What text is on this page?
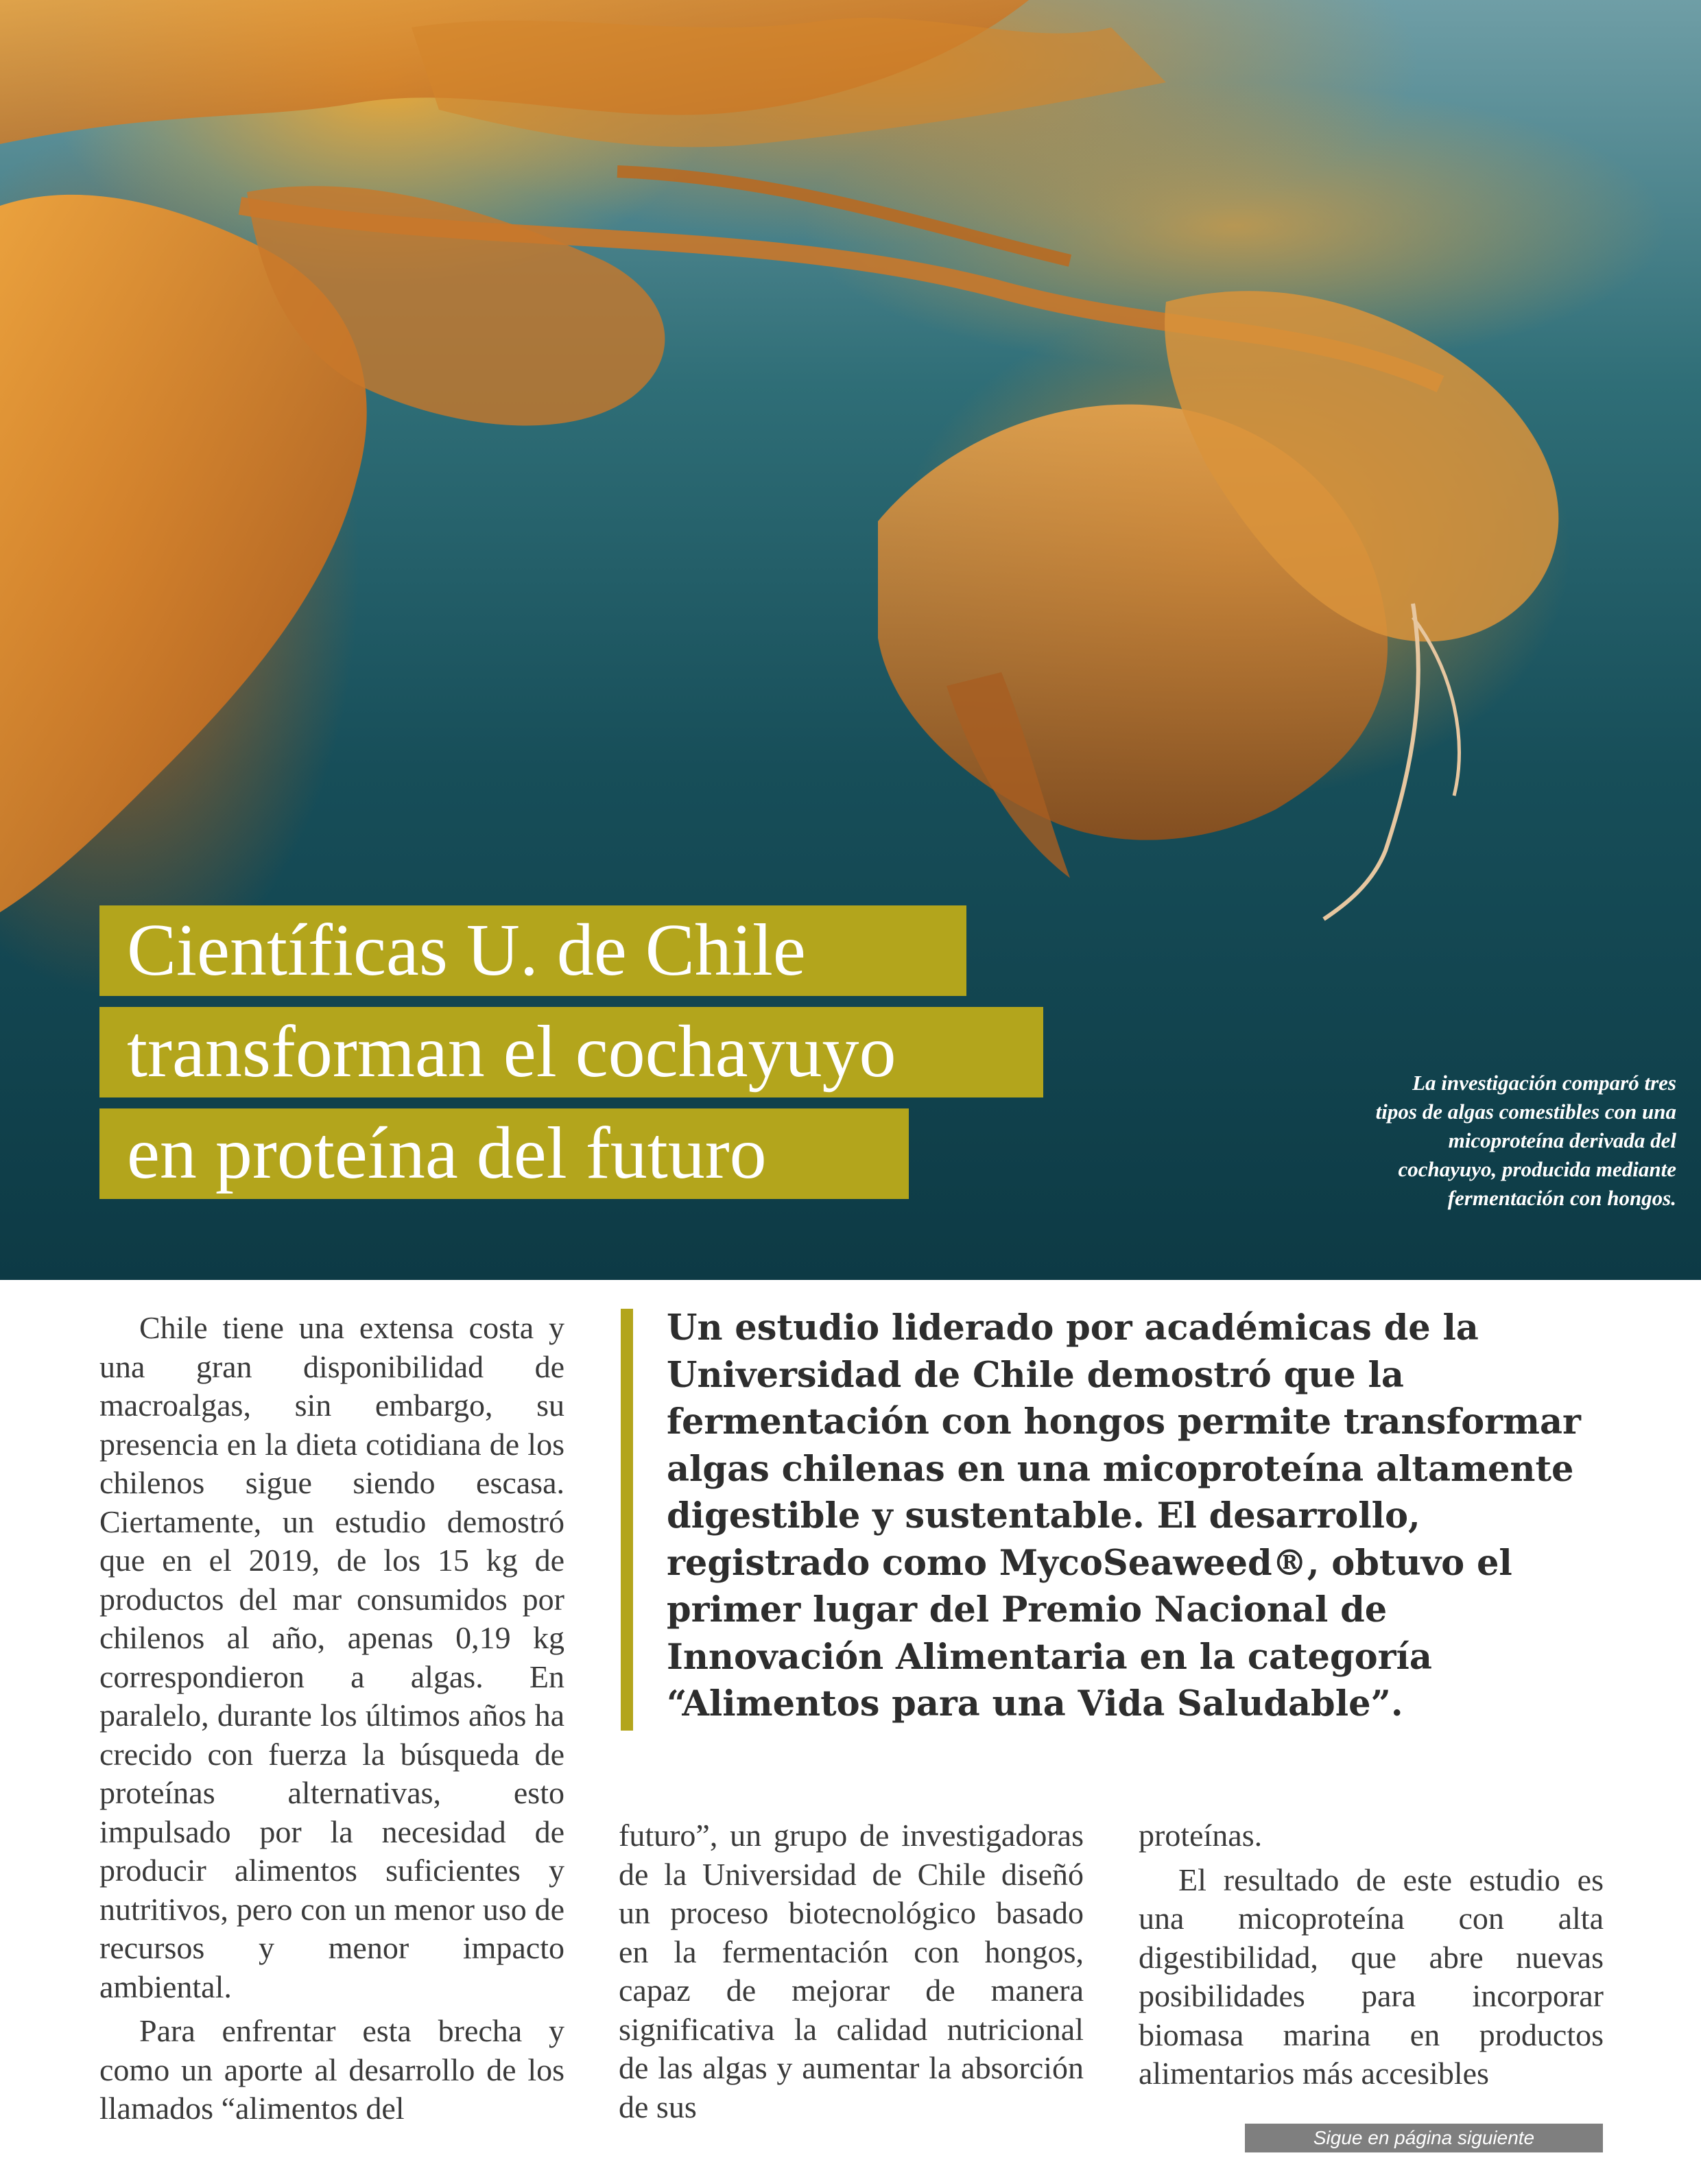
Científicas U. de Chile
transforman el cochayuyo
en proteína del futuro
La investigación comparó tres tipos de algas comestibles con una micoproteína derivada del cochayuyo, producida mediante fermentación con hongos.

Chile tiene una extensa costa y una gran disponibilidad de macroalgas, sin embargo, su presencia en la dieta cotidiana de los chilenos sigue siendo escasa. Ciertamente, un estudio demostró que en el 2019, de los 15 kg de productos del mar consumidos por chilenos al año, apenas 0,19 kg correspondieron a algas. En paralelo, durante los últimos años ha crecido con fuerza la búsqueda de proteínas alternativas, esto impulsado por la necesidad de producir alimentos suficientes y nutritivos, pero con un menor uso de recursos y menor impacto ambiental.

Para enfrentar esta brecha y como un aporte al desarrollo de los llamados “alimentos del

Un estudio liderado por académicas de la Universidad de Chile demostró que la fermentación con hongos permite transformar algas chilenas en una micoproteína altamente digestible y sustentable. El desarrollo, registrado como MycoSeaweed®, obtuvo el primer lugar del Premio Nacional de Innovación Alimentaria en la categoría “Alimentos para una Vida Saludable”.

futuro”, un grupo de investigadoras de la Universidad de Chile diseñó un proceso biotecnológico basado en la fermentación con hongos, capaz de mejorar de manera significativa la calidad nutricional de las algas y aumentar la absorción de sus

proteínas.

El resultado de este estudio es una micoproteína con alta digestibilidad, que abre nuevas posibilidades para incorporar biomasa marina en productos alimentarios más accesibles

Sigue en página siguiente
